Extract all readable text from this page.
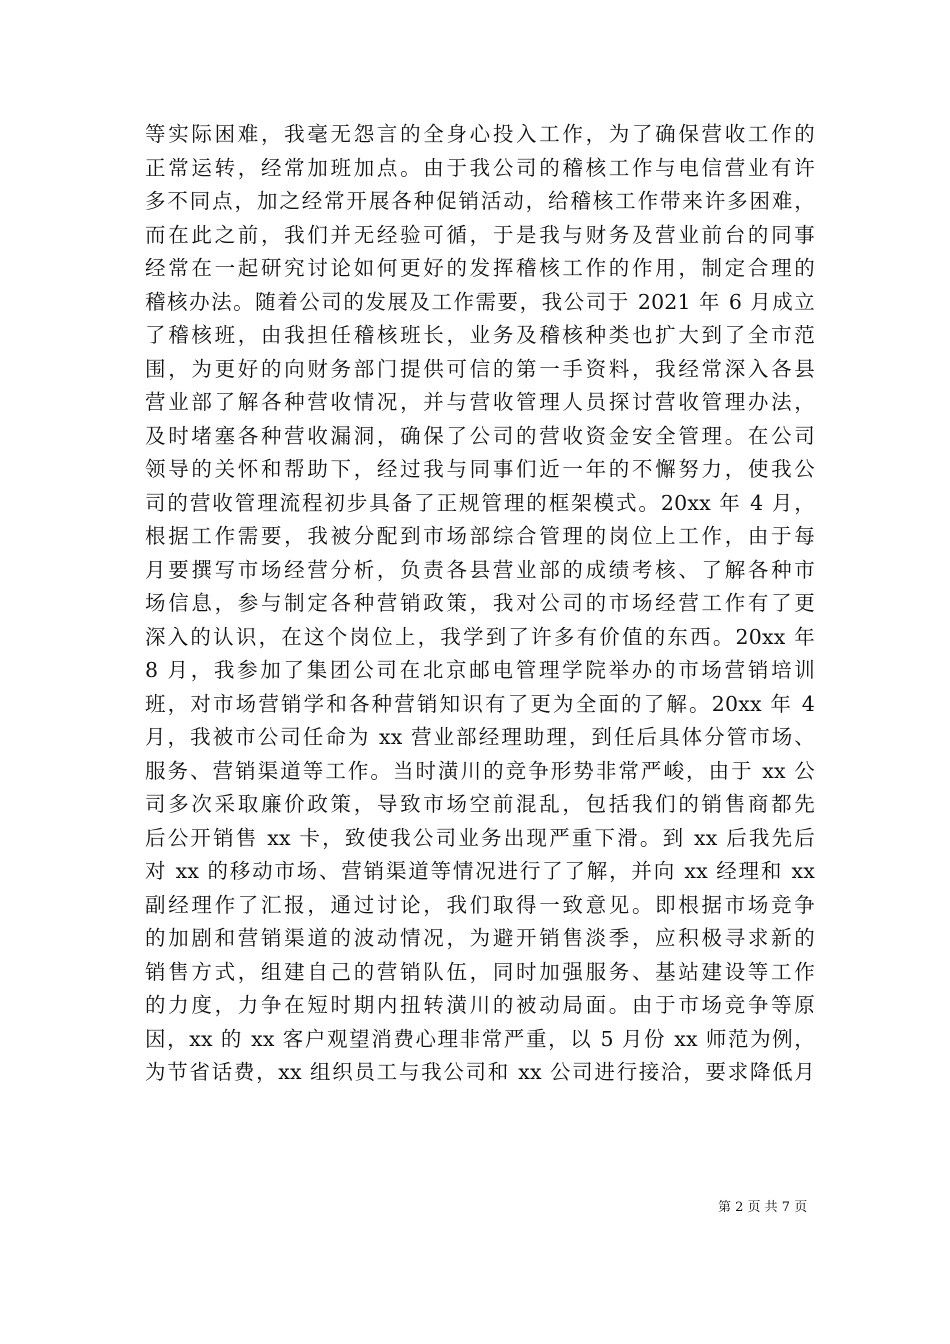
等实际困难，我毫无怨言的全身心投入工作，为了确保营收工作的
正常运转，经常加班加点。由于我公司的稽核工作与电信营业有许
多不同点，加之经常开展各种促销活动，给稽核工作带来许多困难，
而在此之前，我们并无经验可循，于是我与财务及营业前台的同事
经常在一起研究讨论如何更好的发挥稽核工作的作用，制定合理的
稽核办法。随着公司的发展及工作需要，我公司于 2021 年 6 月成立
了稽核班，由我担任稽核班长，业务及稽核种类也扩大到了全市范
围，为更好的向财务部门提供可信的第一手资料，我经常深入各县
营业部了解各种营收情况，并与营收管理人员探讨营收管理办法，
及时堵塞各种营收漏洞，确保了公司的营收资金安全管理。在公司
领导的关怀和帮助下，经过我与同事们近一年的不懈努力，使我公
司的营收管理流程初步具备了正规管理的框架模式。20xx 年 4 月，
根据工作需要，我被分配到市场部综合管理的岗位上工作，由于每
月要撰写市场经营分析，负责各县营业部的成绩考核、了解各种市
场信息，参与制定各种营销政策，我对公司的市场经营工作有了更
深入的认识，在这个岗位上，我学到了许多有价值的东西。20xx 年
8 月，我参加了集团公司在北京邮电管理学院举办的市场营销培训
班，对市场营销学和各种营销知识有了更为全面的了解。20xx 年 4
月，我被市公司任命为 xx 营业部经理助理，到任后具体分管市场、
服务、营销渠道等工作。当时潢川的竞争形势非常严峻，由于 xx 公
司多次采取廉价政策，导致市场空前混乱，包括我们的销售商都先
后公开销售 xx 卡，致使我公司业务出现严重下滑。到 xx 后我先后
对 xx 的移动市场、营销渠道等情况进行了了解，并向 xx 经理和 xx
副经理作了汇报，通过讨论，我们取得一致意见。即根据市场竞争
的加剧和营销渠道的波动情况，为避开销售淡季，应积极寻求新的
销售方式，组建自己的营销队伍，同时加强服务、基站建设等工作
的力度，力争在短时期内扭转潢川的被动局面。由于市场竞争等原
因，xx 的 xx 客户观望消费心理非常严重，以 5 月份 xx 师范为例，
为节省话费，xx 组织员工与我公司和 xx 公司进行接洽，要求降低月
第 2 页 共 7 页
